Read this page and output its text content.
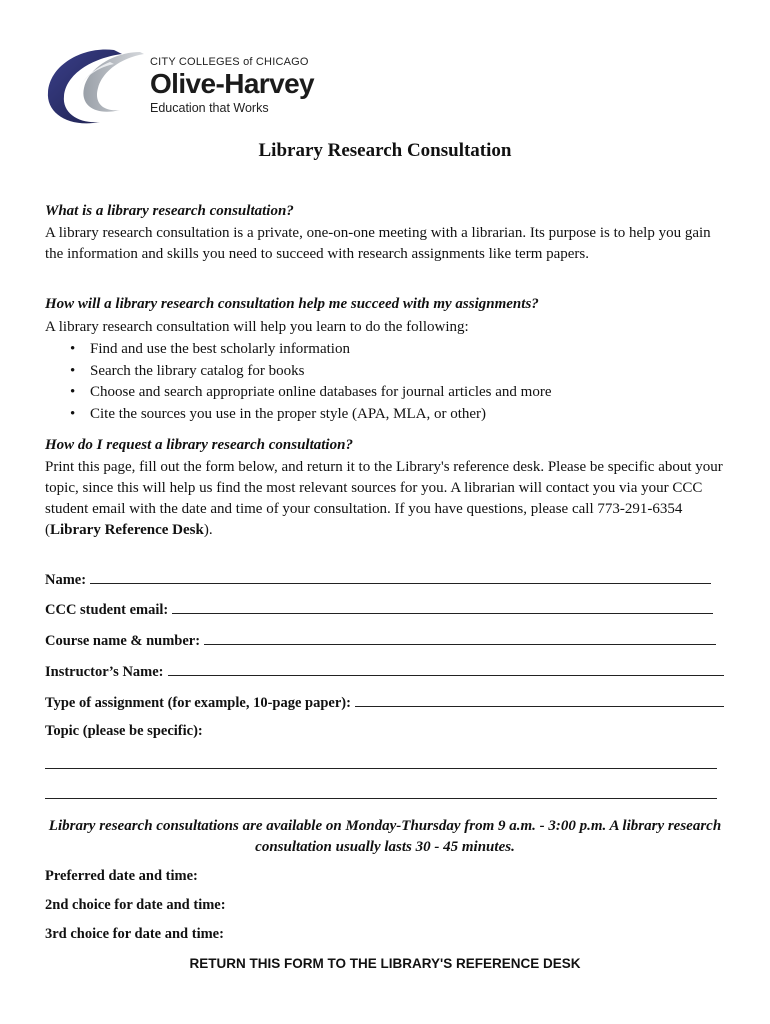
CITY COLLEGES of CHICAGO
Olive-Harvey
Education that Works
Library Research Consultation
What is a library research consultation?
A library research consultation is a private, one-on-one meeting with a librarian. Its purpose is to help you gain the information and skills you need to succeed with research assignments like term papers.
How will a library research consultation help me succeed with my assignments?
A library research consultation will help you learn to do the following:
• Find and use the best scholarly information
• Search the library catalog for books
• Choose and search appropriate online databases for journal articles and more
• Cite the sources you use in the proper style (APA, MLA, or other)
How do I request a library research consultation?
Print this page, fill out the form below, and return it to the Library's reference desk. Please be specific about your topic, since this will help us find the most relevant sources for you. A librarian will contact you via your CCC student email with the date and time of your consultation. If you have questions, please call 773-291-6354 (Library Reference Desk).
Name:
CCC student email:
Course name & number:
Instructor’s Name:
Type of assignment (for example, 10-page paper):
Topic (please be specific):
Library research consultations are available on Monday-Thursday from 9 a.m. - 3:00 p.m. A library research consultation usually lasts 30 - 45 minutes.
Preferred date and time:
2nd choice for date and time:
3rd choice for date and time:
RETURN THIS FORM TO THE LIBRARY'S REFERENCE DESK
